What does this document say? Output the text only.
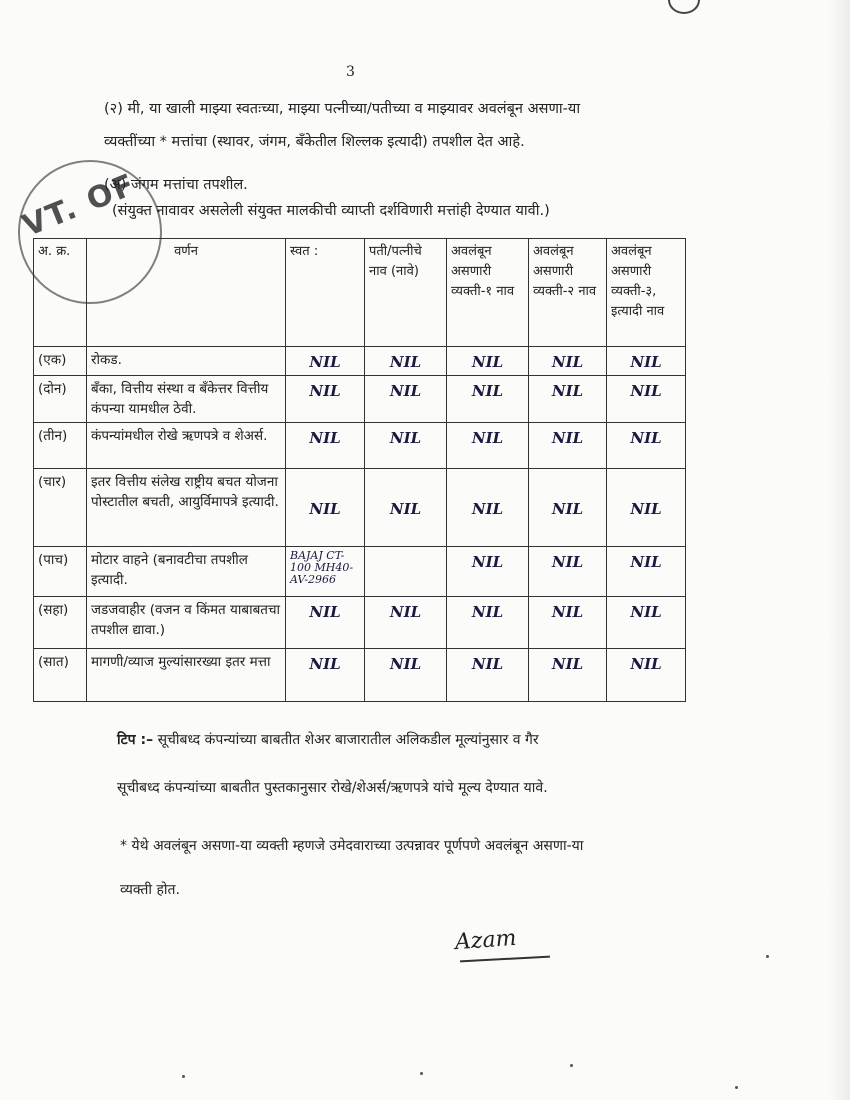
3
VT. OF
(२) मी, या खाली माझ्या स्वतःच्या, माझ्या पत्नीच्या/पतीच्या व माझ्यावर अवलंबून असणा-या
व्यक्तींच्या * मत्तांचा (स्थावर, जंगम, बँकेतील शिल्लक इत्यादी) तपशील देत आहे.
(अ) जंगम मत्तांचा तपशील.
(संयुक्त नावावर असलेली संयुक्त मालकीची व्याप्ती दर्शविणारी मत्तांही देण्यात यावी.)
अ. क्र.	वर्णन	स्वत :	पती/पत्नीचे नाव (नावे)	अवलंबून असणारी व्यक्ती-१ नाव	अवलंबून असणारी व्यक्ती-२ नाव	अवलंबून असणारी व्यक्ती-३, इत्यादी नाव
(एक)	रोकड.	NIL	NIL	NIL	NIL	NIL

(दोन)	बँका, वित्तीय संस्था व बँकेत्तर वित्तीय कंपन्या यामधील ठेवी.	NIL	NIL	NIL	NIL	NIL

(तीन)	कंपन्यांमधील रोखे ऋणपत्रे व शेअर्स.	NIL	NIL	NIL	NIL	NIL

(चार)	इतर वित्तीय संलेख राष्ट्रीय बचत योजना पोस्टातील बचती, आयुर्विमापत्रे इत्यादी.	NIL	NIL	NIL	NIL	NIL

(पाच)	मोटार वाहने (बनावटीचा तपशील इत्यादी.	BAJAJ CT-100 MH40-AV-2966		NIL	NIL	NIL

(सहा)	जडजवाहीर (वजन व किंमत याबाबतचा तपशील द्यावा.)	NIL	NIL	NIL	NIL	NIL

(सात)	मागणी/व्याज मुल्यांसारख्या इतर मत्ता	NIL	NIL	NIL	NIL	NIL
टिप :– सूचीबध्द कंपन्यांच्या बाबतीत शेअर बाजारातील अलिकडील मूल्यांनुसार व गैर
सूचीबध्द कंपन्यांच्या बाबतीत पुस्तकानुसार रोखे/शेअर्स/ऋणपत्रे यांचे मूल्य देण्यात यावे.
* येथे अवलंबून असणा-या व्यक्ती म्हणजे उमेदवाराच्या उत्पन्नावर पूर्णपणे अवलंबून असणा-या
व्यक्ती होत.
Azam
